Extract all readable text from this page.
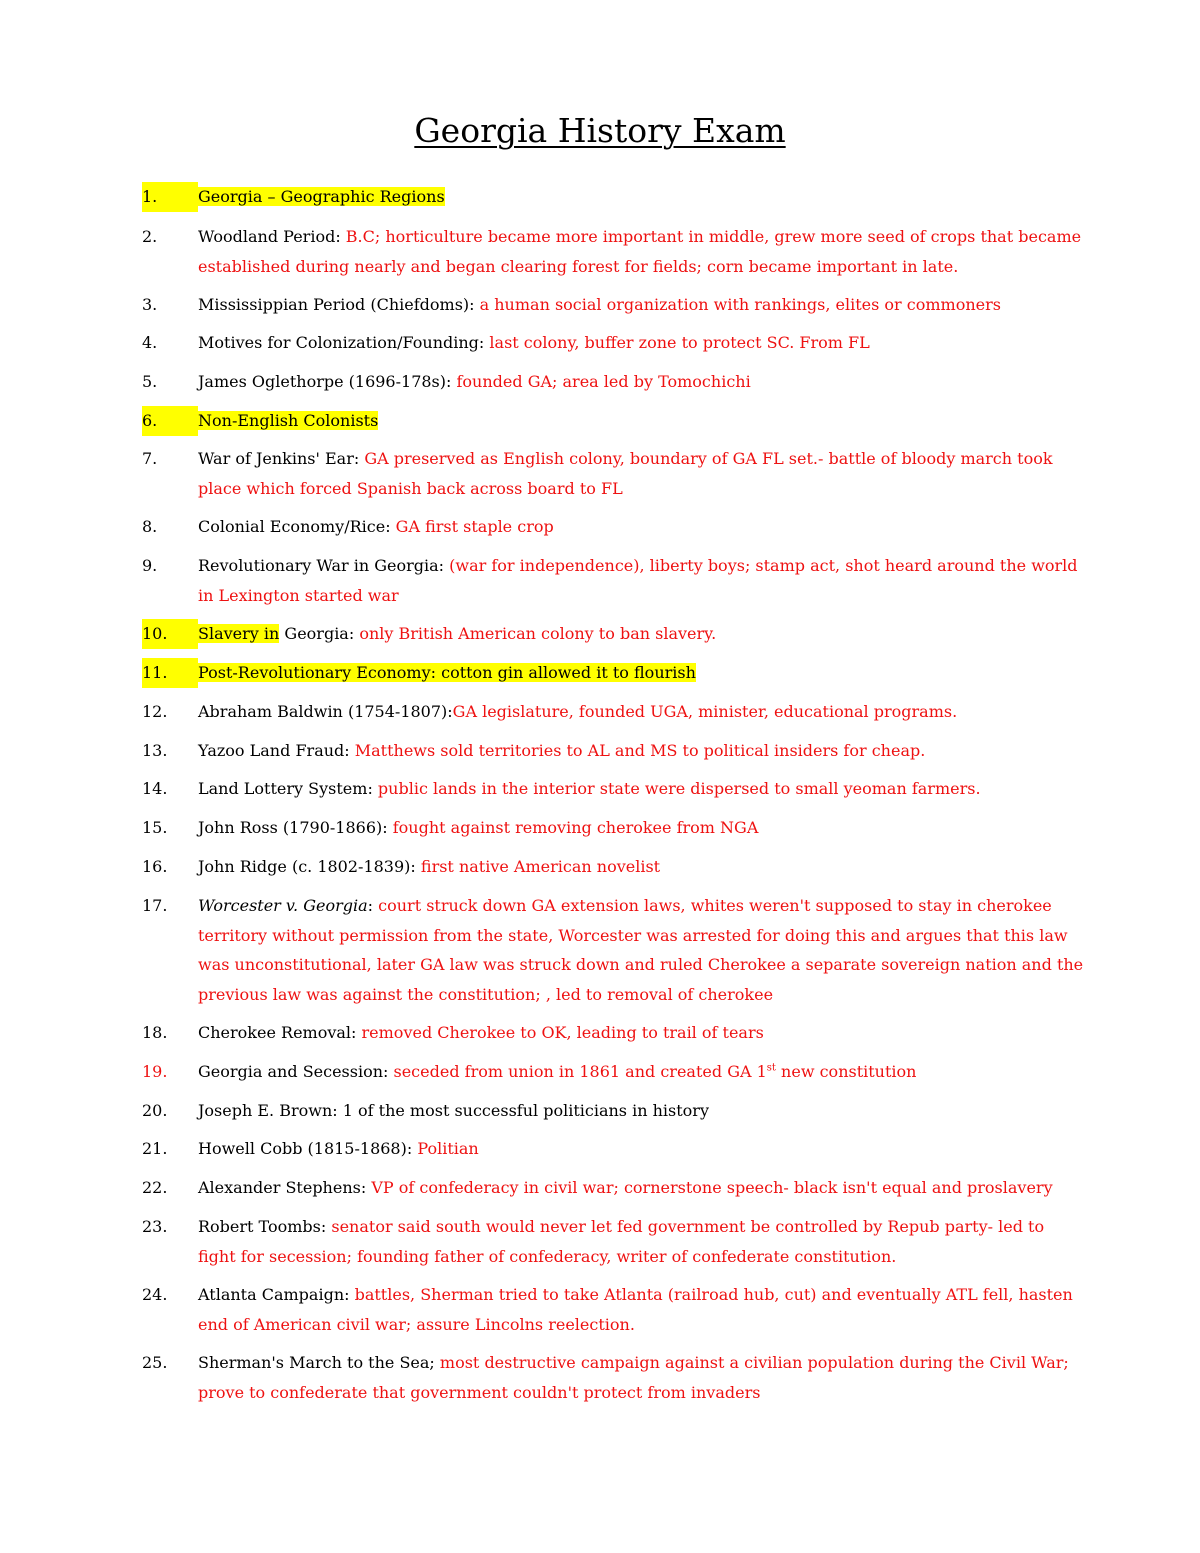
Georgia History Exam
1.	Georgia – Geographic Regions
2.	Woodland Period: B.C; horticulture became more important in middle, grew more seed of crops that became
established during nearly and began clearing forest for fields; corn became important in late.
3.	Mississippian Period (Chiefdoms): a human social organization with rankings, elites or commoners
4.	Motives for Colonization/Founding: last colony, buffer zone to protect SC. From FL
5.	James Oglethorpe (1696-178s): founded GA; area led by Tomochichi
6.	Non-English Colonists
7.	War of Jenkins' Ear: GA preserved as English colony, boundary of GA FL set.- battle of bloody march took
place which forced Spanish back across board to FL
8.	Colonial Economy/Rice: GA first staple crop
9.	Revolutionary War in Georgia: (war for independence), liberty boys; stamp act, shot heard around the world
in Lexington started war
10.	Slavery in Georgia: only British American colony to ban slavery.
11.	Post-Revolutionary Economy: cotton gin allowed it to flourish
12.	Abraham Baldwin (1754-1807):GA legislature, founded UGA, minister, educational programs.
13.	Yazoo Land Fraud: Matthews sold territories to AL and MS to political insiders for cheap.
14.	Land Lottery System: public lands in the interior state were dispersed to small yeoman farmers.
15.	John Ross (1790-1866): fought against removing cherokee from NGA
16.	John Ridge (c. 1802-1839): first native American novelist
17.	Worcester v. Georgia: court struck down GA extension laws, whites weren't supposed to stay in cherokee
territory without permission from the state, Worcester was arrested for doing this and argues that this law
was unconstitutional, later GA law was struck down and ruled Cherokee a separate sovereign nation and the
previous law was against the constitution; , led to removal of cherokee
18.	Cherokee Removal: removed Cherokee to OK, leading to trail of tears
19.	Georgia and Secession: seceded from union in 1861 and created GA 1st new constitution
20.	Joseph E. Brown: 1 of the most successful politicians in history
21.	Howell Cobb (1815-1868): Politian
22.	Alexander Stephens: VP of confederacy in civil war; cornerstone speech- black isn't equal and proslavery
23.	Robert Toombs: senator said south would never let fed government be controlled by Repub party- led to
fight for secession; founding father of confederacy, writer of confederate constitution.
24.	Atlanta Campaign: battles, Sherman tried to take Atlanta (railroad hub, cut) and eventually ATL fell, hasten
end of American civil war; assure Lincolns reelection.
25.	Sherman's March to the Sea; most destructive campaign against a civilian population during the Civil War;
prove to confederate that government couldn't protect from invaders
